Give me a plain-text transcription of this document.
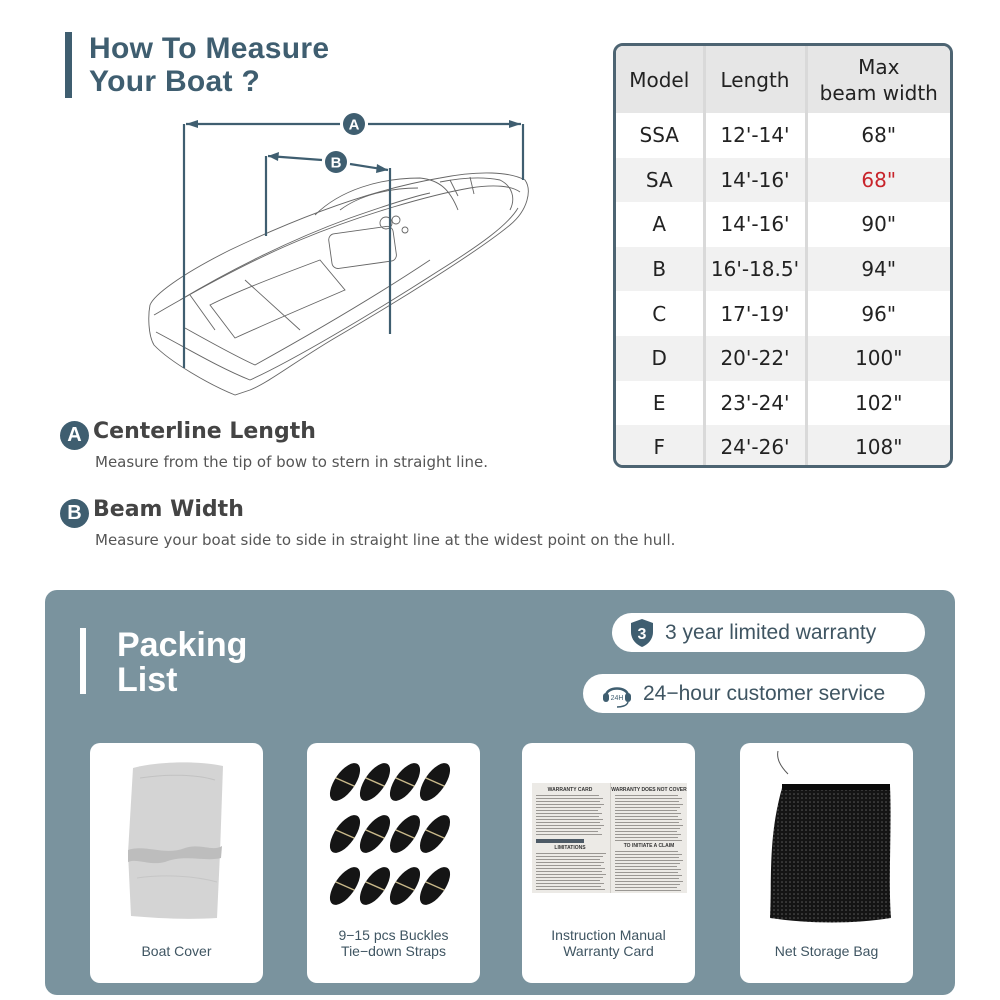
How To Measure
Your Boat ?
A
B
A Centerline Length
Measure from the tip of bow to stern in straight line.
B Beam Width
Measure your boat side to side in straight line at the widest point on the hull.
Model	Length	Max
beam width

SSA	12'-14'	68"
SA	14'-16'	68"
A	14'-16'	90"
B	16'-18.5'	94"
C	17'-19'	96"
D	20'-22'	100"
E	23'-24'	102"
F	24'-26'	108"
Packing
List
3 3 year limited warranty
24H 24−hour customer service
Boat Cover
9−15 pcs Buckles
Tie−down Straps
WARRANTY CARD	WARRANTY DOES NOT COVER
LIMITATIONS	TO INITIATE A CLAIM
Instruction Manual
Warranty Card	Net Storage Bag
